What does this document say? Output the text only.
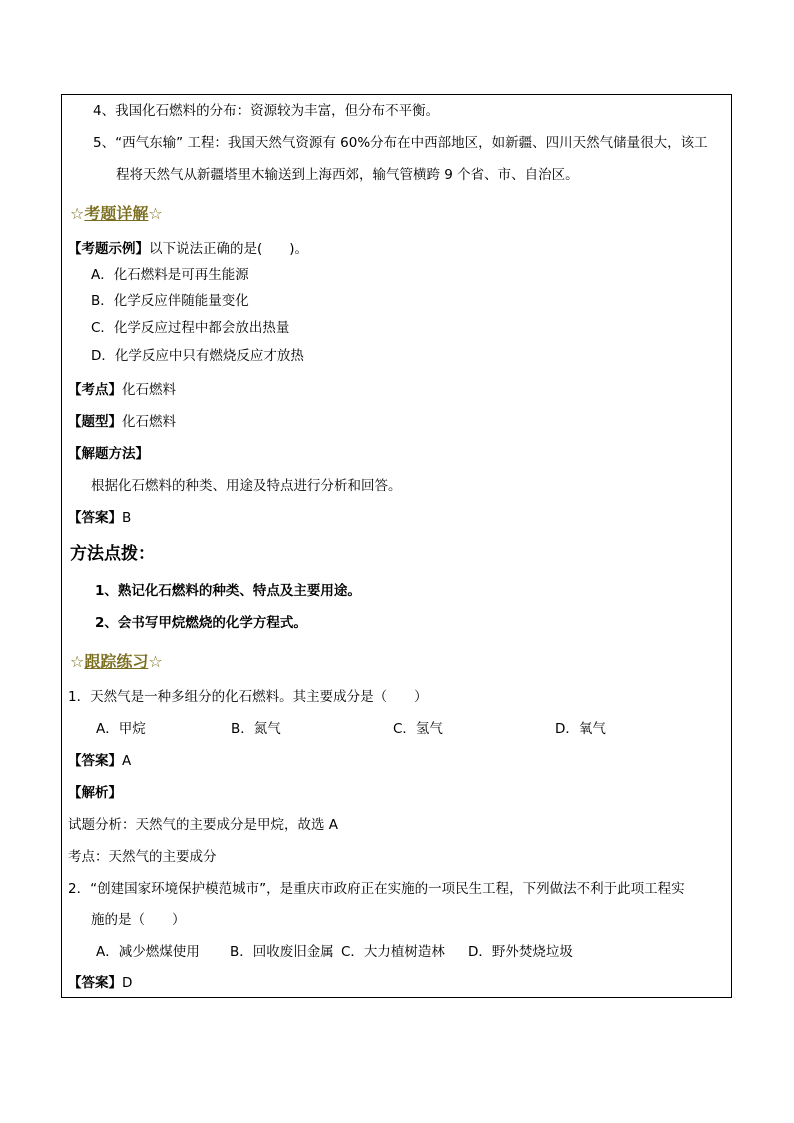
4、我国化石燃料的分布：资源较为丰富，但分布不平衡。
5、“西气东输” 工程：我国天然气资源有 60%分布在中西部地区，如新疆、四川天然气储量很大，该工
程将天然气从新疆塔里木输送到上海西郊，输气管横跨 9 个省、市、自治区。
☆考题详解☆
【考题示例】以下说法正确的是(　　)。
A．化石燃料是可再生能源
B．化学反应伴随能量变化
C．化学反应过程中都会放出热量
D．化学反应中只有燃烧反应才放热
【考点】化石燃料
【题型】化石燃料
【解题方法】
根据化石燃料的种类、用途及特点进行分析和回答。
【答案】B
方法点拨：
1、熟记化石燃料的种类、特点及主要用途。
2、会书写甲烷燃烧的化学方程式。
☆跟踪练习☆
1．天然气是一种多组分的化石燃料。其主要成分是（　　）
A．甲烷	B．氮气	C．氢气	D．氧气
【答案】A
【解析】
试题分析：天然气的主要成分是甲烷，故选 A
考点：天然气的主要成分
2．“创建国家环境保护模范城市”，是重庆市政府正在实施的一项民生工程，下列做法不利于此项工程实
施的是（　　）
A．减少燃煤使用 B．回收废旧金属 C．大力植树造林 D．野外焚烧垃圾
【答案】D
